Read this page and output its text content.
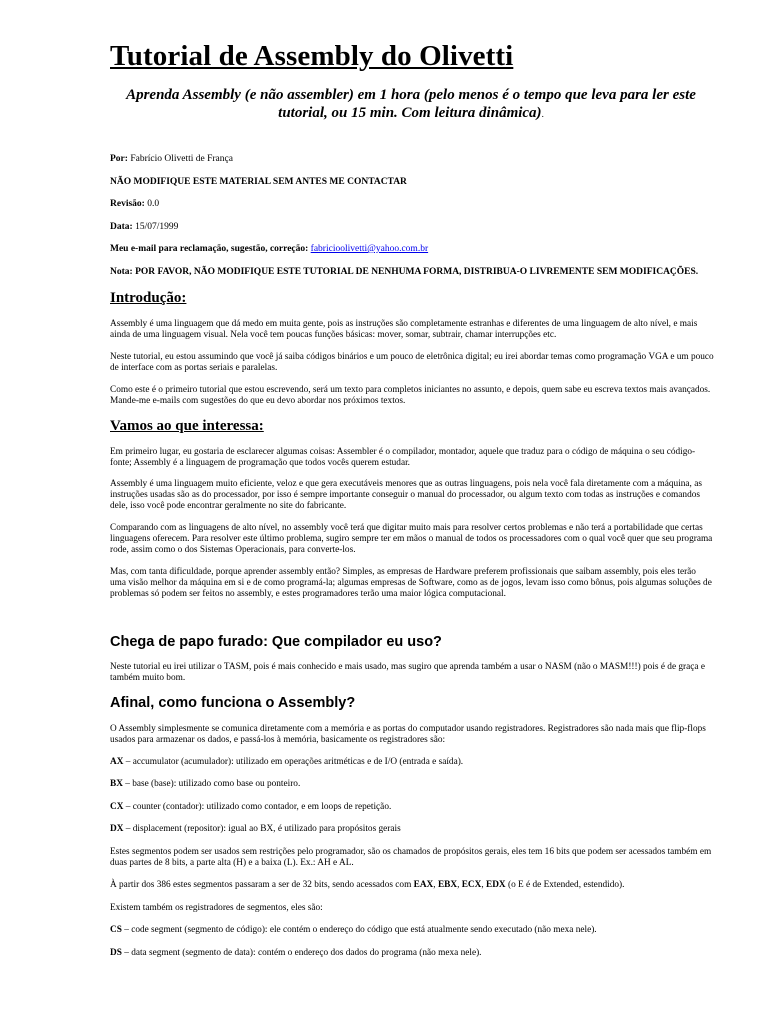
Tutorial de Assembly do Olivetti

Aprenda Assembly (e não assembler) em 1 hora (pelo menos é o tempo que leva para ler este tutorial, ou 15 min. Com leitura dinâmica).

Por: Fabrício Olivetti de França

NÃO MODIFIQUE ESTE MATERIAL SEM ANTES ME CONTACTAR

Revisão: 0.0

Data: 15/07/1999

Meu e-mail para reclamação, sugestão, correção: fabricioolivetti@yahoo.com.br

Nota: POR FAVOR, NÃO MODIFIQUE ESTE TUTORIAL DE NENHUMA FORMA, DISTRIBUA-O LIVREMENTE SEM MODIFICAÇÕES.

Introdução:

Assembly é uma linguagem que dá medo em muita gente, pois as instruções são completamente estranhas e diferentes de uma linguagem de alto nível, e mais ainda de uma linguagem visual. Nela você tem poucas funções básicas: mover, somar, subtrair, chamar interrupções etc.

Neste tutorial, eu estou assumindo que você já saiba códigos binários e um pouco de eletrônica digital; eu irei abordar temas como programação VGA e um pouco de interface com as portas seriais e paralelas.

Como este é o primeiro tutorial que estou escrevendo, será um texto para completos iniciantes no assunto, e depois, quem sabe eu escreva textos mais avançados. Mande-me e-mails com sugestões do que eu devo abordar nos próximos textos.

Vamos ao que interessa:

Em primeiro lugar, eu gostaria de esclarecer algumas coisas: Assembler é o compilador, montador, aquele que traduz para o código de máquina o seu código-fonte; Assembly é a linguagem de programação que todos vocês querem estudar.

Assembly é uma linguagem muito eficiente, veloz e que gera executáveis menores que as outras linguagens, pois nela você fala diretamente com a máquina, as instruções usadas são as do processador, por isso é sempre importante conseguir o manual do processador, ou algum texto com todas as instruções e comandos dele, isso você pode encontrar geralmente no site do fabricante.

Comparando com as linguagens de alto nível, no assembly você terá que digitar muito mais para resolver certos problemas e não terá a portabilidade que certas linguagens oferecem. Para resolver este último problema, sugiro sempre ter em mãos o manual de todos os processadores com o qual você quer que seu programa rode, assim como o dos Sistemas Operacionais, para converte-los.

Mas, com tanta dificuldade, porque aprender assembly então? Simples, as empresas de Hardware preferem profissionais que saibam assembly, pois eles terão uma visão melhor da máquina em si e de como programá-la; algumas empresas de Software, como as de jogos, levam isso como bônus, pois algumas soluções de problemas só podem ser feitos no assembly, e estes programadores terão uma maior lógica computacional.

Chega de papo furado: Que compilador eu uso?

Neste tutorial eu irei utilizar o TASM, pois é mais conhecido e mais usado, mas sugiro que aprenda também a usar o NASM (não o MASM!!!) pois é de graça e também muito bom.

Afinal, como funciona o Assembly?

O Assembly simplesmente se comunica diretamente com a memória e as portas do computador usando registradores. Registradores são nada mais que flip-flops usados para armazenar os dados, e passá-los à memória, basicamente os registradores são:

AX – accumulator (acumulador): utilizado em operações aritméticas e de I/O (entrada e saída).

BX – base (base): utilizado como base ou ponteiro.

CX – counter (contador): utilizado como contador, e em loops de repetição.

DX – displacement (repositor): igual ao BX, é utilizado para propósitos gerais

Estes segmentos podem ser usados sem restrições pelo programador, são os chamados de propósitos gerais, eles tem 16 bits que podem ser acessados também em duas partes de 8 bits, a parte alta (H) e a baixa (L). Ex.: AH e AL.

À partir dos 386 estes segmentos passaram a ser de 32 bits, sendo acessados com EAX, EBX, ECX, EDX (o E é de Extended, estendido).

Existem também os registradores de segmentos, eles são:

CS – code segment (segmento de código): ele contém o endereço do código que está atualmente sendo executado (não mexa nele).

DS – data segment (segmento de data): contém o endereço dos dados do programa (não mexa nele).
